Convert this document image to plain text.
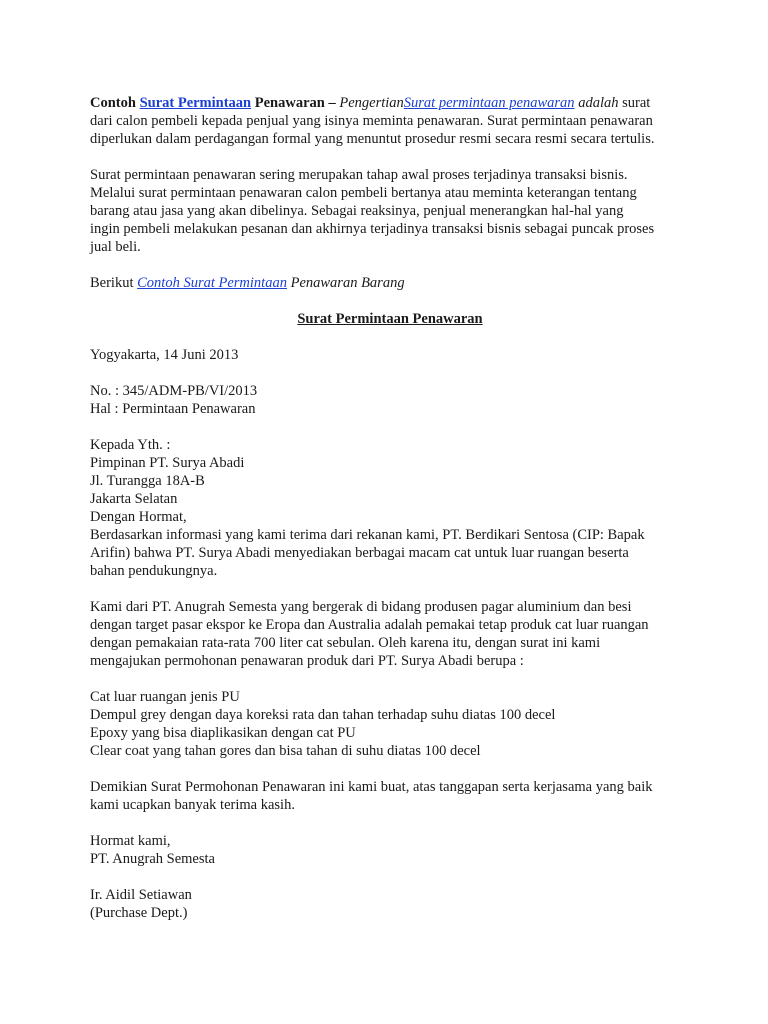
Contoh Surat Permintaan Penawaran – PengertianSurat permintaan penawaran adalah surat
dari calon pembeli kepada penjual yang isinya meminta penawaran. Surat permintaan penawaran
diperlukan dalam perdagangan formal yang menuntut prosedur resmi secara resmi secara tertulis.

Surat permintaan penawaran sering merupakan tahap awal proses terjadinya transaksi bisnis.
Melalui surat permintaan penawaran calon pembeli bertanya atau meminta keterangan tentang
barang atau jasa yang akan dibelinya. Sebagai reaksinya, penjual menerangkan hal-hal yang
ingin pembeli melakukan pesanan dan akhirnya terjadinya transaksi bisnis sebagai puncak proses
jual beli.

Berikut Contoh Surat Permintaan Penawaran Barang

Surat Permintaan Penawaran

Yogyakarta, 14 Juni 2013

No. : 345/ADM-PB/VI/2013

Hal : Permintaan Penawaran

Kepada Yth. :

Pimpinan PT. Surya Abadi

Jl. Turangga 18A-B

Jakarta Selatan

Dengan Hormat,

Berdasarkan informasi yang kami terima dari rekanan kami, PT. Berdikari Sentosa (CIP: Bapak

Arifin) bahwa PT. Surya Abadi menyediakan berbagai macam cat untuk luar ruangan beserta

bahan pendukungnya.

Kami dari PT. Anugrah Semesta yang bergerak di bidang produsen pagar aluminium dan besi

dengan target pasar ekspor ke Eropa dan Australia adalah pemakai tetap produk cat luar ruangan

dengan pemakaian rata-rata 700 liter cat sebulan. Oleh karena itu, dengan surat ini kami

mengajukan permohonan penawaran produk dari PT. Surya Abadi berupa :

Cat luar ruangan jenis PU

Dempul grey dengan daya koreksi rata dan tahan terhadap suhu diatas 100 decel

Epoxy yang bisa diaplikasikan dengan cat PU

Clear coat yang tahan gores dan bisa tahan di suhu diatas 100 decel

Demikian Surat Permohonan Penawaran ini kami buat, atas tanggapan serta kerjasama yang baik

kami ucapkan banyak terima kasih.

Hormat kami,

PT. Anugrah Semesta

Ir. Aidil Setiawan

(Purchase Dept.)
